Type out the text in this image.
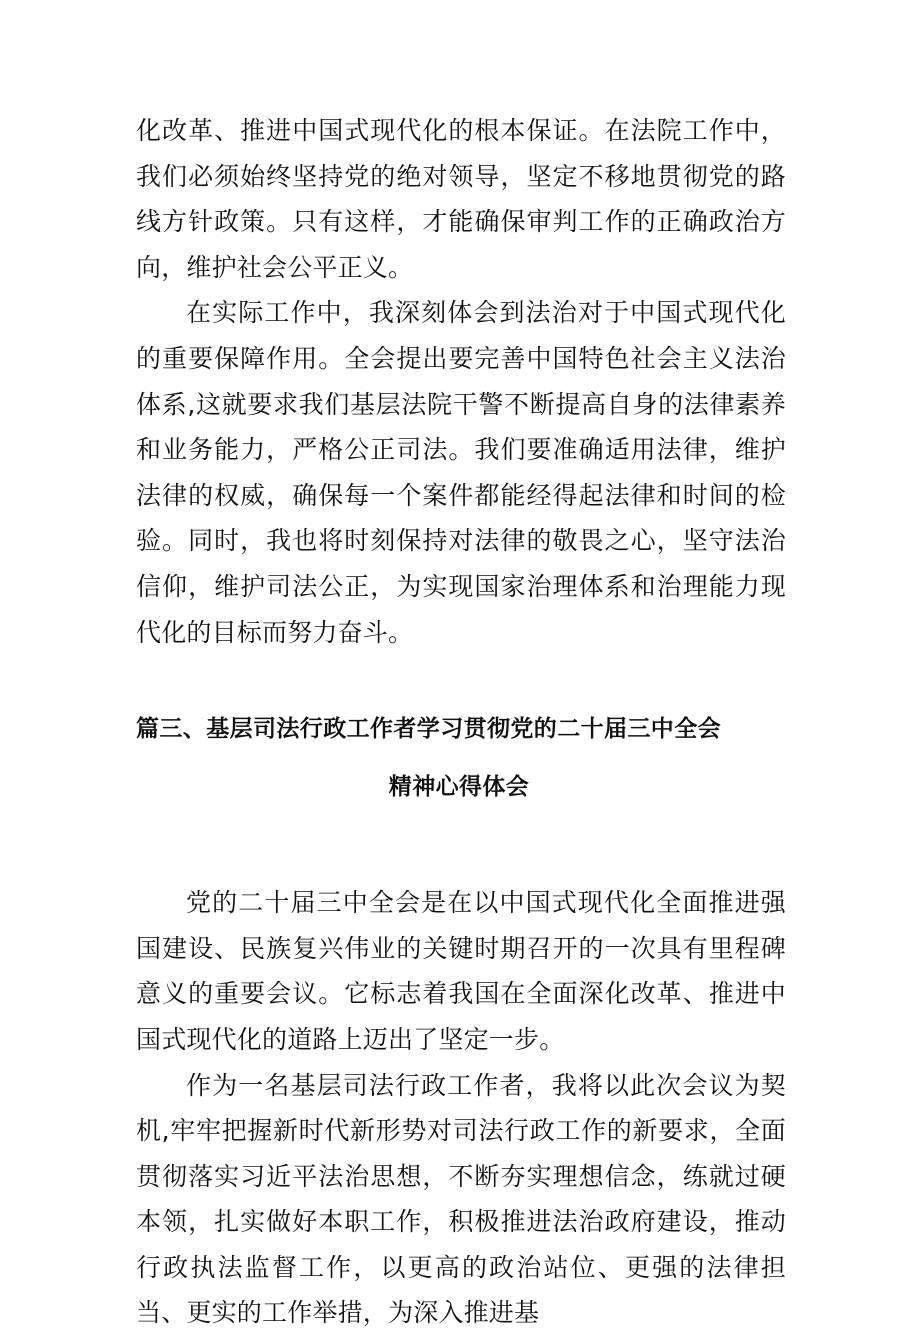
化改革、推进中国式现代化的根本保证。在法院工作中，我们必须始终坚持党的绝对领导，坚定不移地贯彻党的路线方针政策。只有这样，才能确保审判工作的正确政治方向，维护社会公平正义。

在实际工作中，我深刻体会到法治对于中国式现代化的重要保障作用。全会提出要完善中国特色社会主义法治体系,这就要求我们基层法院干警不断提高自身的法律素养和业务能力，严格公正司法。我们要准确适用法律，维护法律的权威，确保每一个案件都能经得起法律和时间的检验。同时，我也将时刻保持对法律的敬畏之心，坚守法治信仰，维护司法公正，为实现国家治理体系和治理能力现代化的目标而努力奋斗。

篇三、基层司法行政工作者学习贯彻党的二十届三中全会
精神心得体会

党的二十届三中全会是在以中国式现代化全面推进强国建设、民族复兴伟业的关键时期召开的一次具有里程碑意义的重要会议。它标志着我国在全面深化改革、推进中国式现代化的道路上迈出了坚定一步。

作为一名基层司法行政工作者，我将以此次会议为契机,牢牢把握新时代新形势对司法行政工作的新要求，全面贯彻落实习近平法治思想，不断夯实理想信念，练就过硬本领，扎实做好本职工作，积极推进法治政府建设，推动行政执法监督工作，以更高的政治站位、更强的法律担当、更实的工作举措，为深入推进基
